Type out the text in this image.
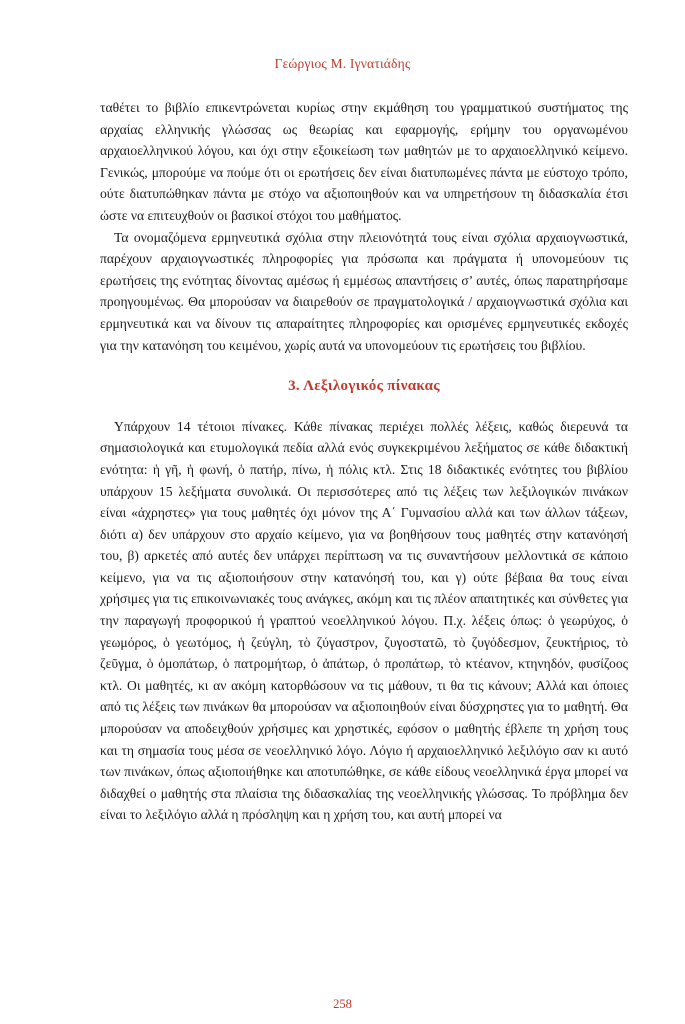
Γεώργιος Μ. Ιγνατιάδης

ταθέτει το βιβλίο επικεντρώνεται κυρίως στην εκμάθηση του γραμματικού συστήματος της αρχαίας ελληνικής γλώσσας ως θεωρίας και εφαρμογής, ερήμην του οργανωμένου αρχαιοελληνικού λόγου, και όχι στην εξοικείωση των μαθητών με το αρχαιοελληνικό κείμενο. Γενικώς, μπορούμε να πούμε ότι οι ερωτήσεις δεν είναι διατυπωμένες πάντα με εύστοχο τρόπο, ούτε διατυπώθηκαν πάντα με στόχο να αξιοποιηθούν και να υπηρετήσουν τη διδασκαλία έτσι ώστε να επιτευχθούν οι βασικοί στόχοι του μαθήματος.

Τα ονομαζόμενα ερμηνευτικά σχόλια στην πλειονότητά τους είναι σχόλια αρχαιογνωστικά, παρέχουν αρχαιογνωστικές πληροφορίες για πρόσωπα και πράγματα ή υπονομεύουν τις ερωτήσεις της ενότητας δίνοντας αμέσως ή εμμέσως απαντήσεις σ’ αυτές, όπως παρατηρήσαμε προηγουμένως. Θα μπορούσαν να διαιρεθούν σε πραγματολογικά / αρχαιογνωστικά σχόλια και ερμηνευτικά και να δίνουν τις απαραίτητες πληροφορίες και ορισμένες ερμηνευτικές εκδοχές για την κατανόηση του κειμένου, χωρίς αυτά να υπονομεύουν τις ερωτήσεις του βιβλίου.

3. Λεξιλογικός πίνακας

Υπάρχουν 14 τέτοιοι πίνακες. Κάθε πίνακας περιέχει πολλές λέξεις, καθώς διερευνά τα σημασιολογικά και ετυμολογικά πεδία αλλά ενός συγκεκριμένου λεξήματος σε κάθε διδακτική ενότητα: ἡ γῆ, ἡ φωνή, ὁ πατήρ, πίνω, ἡ πόλις κτλ. Στις 18 διδακτικές ενότητες του βιβλίου υπάρχουν 15 λεξήματα συνολικά. Οι περισσότερες από τις λέξεις των λεξιλογικών πινάκων είναι «άχρηστες» για τους μαθητές όχι μόνον της Α΄ Γυμνασίου αλλά και των άλλων τάξεων, διότι α) δεν υπάρχουν στο αρχαίο κείμενο, για να βοηθήσουν τους μαθητές στην κατανόησή του, β) αρκετές από αυτές δεν υπάρχει περίπτωση να τις συναντήσουν μελλοντικά σε κάποιο κείμενο, για να τις αξιοποιήσουν στην κατανόησή του, και γ) ούτε βέβαια θα τους είναι χρήσιμες για τις επικοινωνιακές τους ανάγκες, ακόμη και τις πλέον απαιτητικές και σύνθετες για την παραγωγή προφορικού ή γραπτού νεοελληνικού λόγου. Π.χ. λέξεις όπως: ὁ γεωρύχος, ὁ γεωμόρος, ὁ γεωτόμος, ἡ ζεύγλη, τὸ ζύγαστρον, ζυγοστατῶ, τὸ ζυγόδεσμον, ζευκτήριος, τὸ ζεῦγμα, ὁ ὁμοπάτωρ, ὁ πατρομήτωρ, ὁ ἀπάτωρ, ὁ προπάτωρ, τὸ κτέανον, κτηνηδόν, φυσίζοος κτλ. Οι μαθητές, κι αν ακόμη κατορθώσουν να τις μάθουν, τι θα τις κάνουν; Αλλά και όποιες από τις λέξεις των πινάκων θα μπορούσαν να αξιοποιηθούν είναι δύσχρηστες για το μαθητή. Θα μπορούσαν να αποδειχθούν χρήσιμες και χρηστικές, εφόσον ο μαθητής έβλεπε τη χρήση τους και τη σημασία τους μέσα σε νεοελληνικό λόγο. Λόγιο ή αρχαιοελληνικό λεξιλόγιο σαν κι αυτό των πινάκων, όπως αξιοποιήθηκε και αποτυπώθηκε, σε κάθε είδους νεοελληνικά έργα μπορεί να διδαχθεί ο μαθητής στα πλαίσια της διδασκαλίας της νεοελληνικής γλώσσας. Το πρόβλημα δεν είναι το λεξιλόγιο αλλά η πρόσληψη και η χρήση του, και αυτή μπορεί να

258
